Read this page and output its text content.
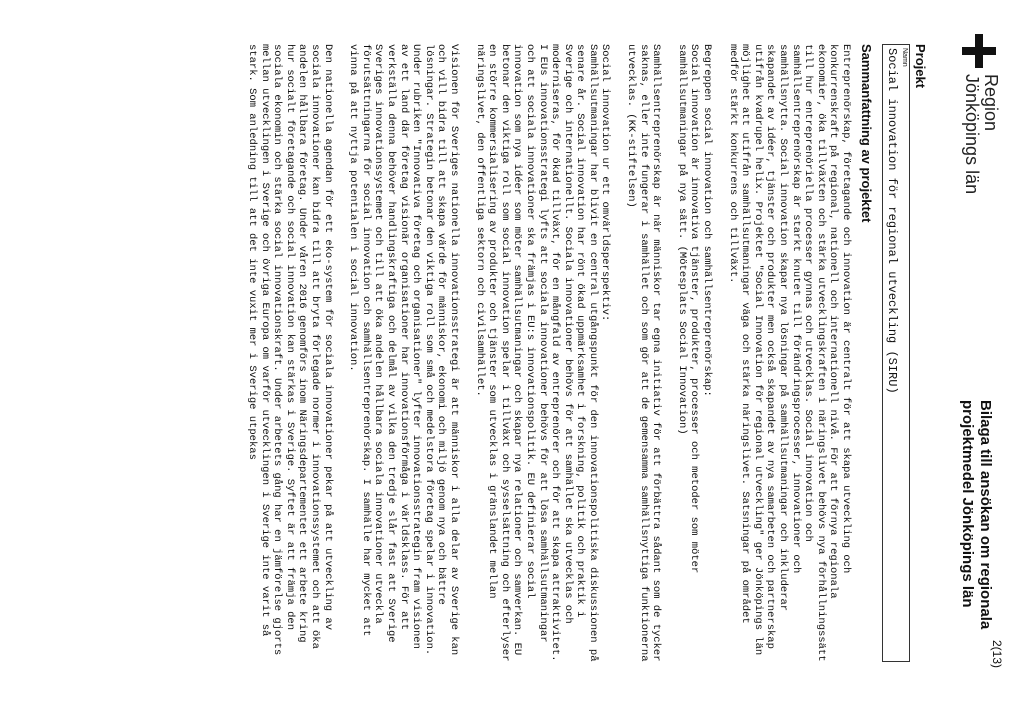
Region
Jönköpings län
2(13)
Bilaga till ansökan om regionala
projektmedel Jönköpings län
Projekt
Namn
Social innovation för regional utveckling (SIRU)
Sammanfattning av projektet

Entreprenörskap, företagande och innovation är centralt för att skapa utveckling och konkurrenskraft på regional, nationell och internationell nivå. För att förnya regionala ekonomier, öka tillväxten och stärka utvecklingskraften i näringslivet behövs nya förhållningssätt till hur entreprenöriella processer gynnas och utvecklas. Social innovation och samhällsentreprenörskap är starkt knutet till förändringsprocesser, innovationer och samhällsnytta. Social innovation skapar nya lösningar på samhällsutmaningar och inkluderar skapandet av idéer, tjänster och produkter men också skapandet av nya samarbeten och partnerskap utifrån kvadrupel helix. Projektet "Social Innovation för regional utveckling" ger Jönköpings län möjlighet att utifrån samhällsutmaningar väga och stärka näringslivet. Satsningar på området medför stärkt konkurrens och tillväxt.

Begreppen social innovation och samhällsentreprenörskap:
Social innovation är innovativa tjänster, produkter, processer och metoder som möter samhällsutmaningar på nya sätt. (Mötesplats Social Innovation)

Samhällsentreprenörskap är när människor tar egna initiativ för att förbättra sådant som de tycker saknas, eller inte fungerar i samhället och som gör att de gemensamma samhällsnyttiga funktionerna utvecklas. (KK-stiftelsen)

Social innovation ur ett omvärldsperspektiv:
Samhällsutmaningar har blivit en central utgångspunkt för den innovationspolitiska diskussionen på senare år. Social innovation har rönt ökad uppmärksamhet i forskning, politik och praktik i Sverige och internationellt. Sociala innovationer behövs för att samhället ska utvecklas och moderniseras, för ökad tillväxt, för en mångfald av entreprenörer och för att skapa attraktivitet. I EUs innovationsstrategi lyfts att sociala innovationer behövs för att lösa samhällsutmaningar och att sociala innovationer ska främjas i EU:s innovationspolitik. EU definierar social innovation som nya idéer som möter samhällsutmaningar och skapar nya relationer och samverkan. EU betonar den viktiga roll som social innovation spelar i tillväxt och sysselsättning och efterlyser en större kommersialisering av produkter och tjänster som utvecklas i gränslandet mellan näringslivet, den offentliga sektorn och civilsamhället.

Visionen för Sveriges nationella innovationsstrategi är att människor i alla delar av Sverige kan och vill bidra till att skapa värde för människor, ekonomi och miljö genom nya och bättre lösningar. Strategin betonar den viktiga roll som små och medelstora företag spelar i innovation. Under rubriken "Innovativa företag och organisationer" lyfter innovationsstrategin fram visionen av ett land där företag visionär organisationer har innovationsförmåga i världsklass. För att verkställa denna behöver handlingskraftiga och delmål av vilka den tredje slår fast att Sverige Sveriges innovationssystemet och till att öka andelen hållbara sociala innovationer utveckla förutsättningarna för social innovation och samhällsentreprenörskap. I samhälle har mycket att vinna på att nyttja potentialen i social innovation.

Den nationella agendan för ett eko-system för sociala innovationer pekar på att utveckling av sociala innovationer kan bidra till att bryta förlegade normer i innovationssystemet och att öka andelen hållbara företag. Under våren 2016 genomförs inom Näringsdepartementet ett arbete kring hur socialt företagande och social innovation kan stärkas i Sverige. Syftet är att främja den sociala ekonomin och stärka social innovationskraft. Under arbetets gång har en jämförelse gjorts mellan utvecklingen i Sverige och övriga Europa om varför utvecklingen i Sverige inte varit så stark. Som anledning till att det inte vuxit mer i Sverige utpekas
